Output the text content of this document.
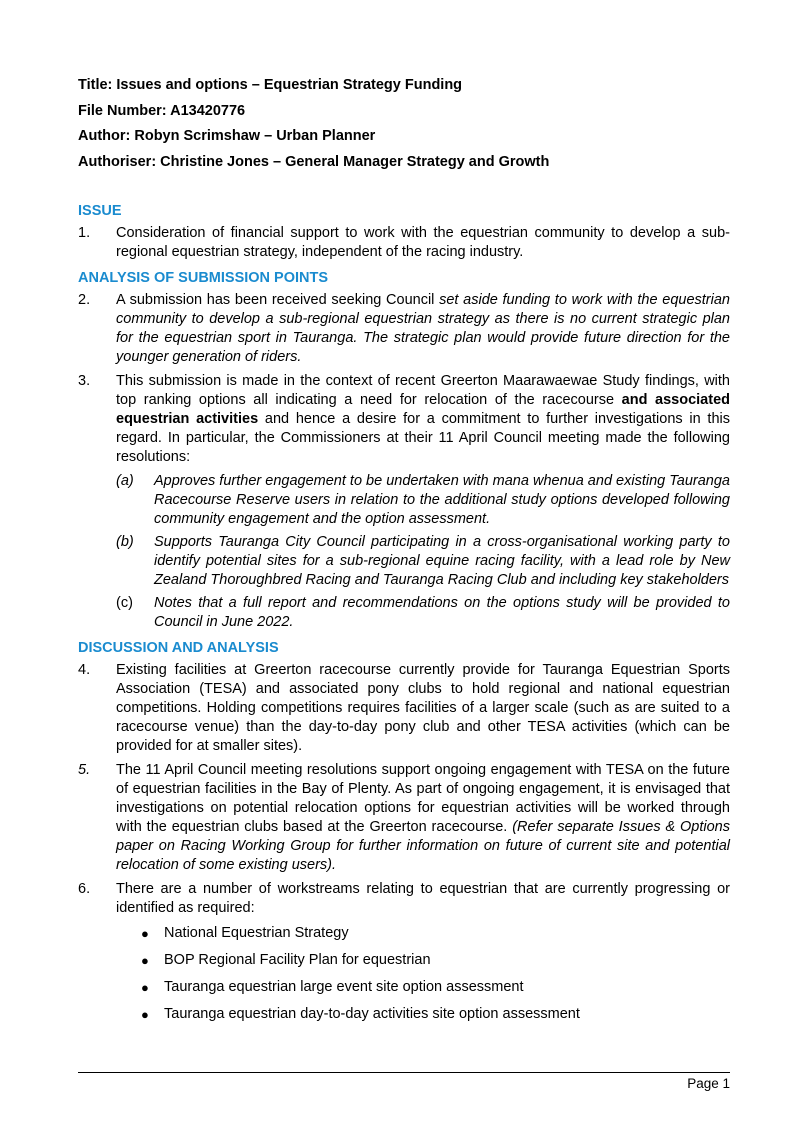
Title: Issues and options – Equestrian Strategy Funding
File Number: A13420776
Author: Robyn Scrimshaw – Urban Planner
Authoriser: Christine Jones – General Manager Strategy and Growth
ISSUE
1. Consideration of financial support to work with the equestrian community to develop a sub-regional equestrian strategy, independent of the racing industry.
ANALYSIS OF SUBMISSION POINTS
2. A submission has been received seeking Council set aside funding to work with the equestrian community to develop a sub-regional equestrian strategy as there is no current strategic plan for the equestrian sport in Tauranga. The strategic plan would provide future direction for the younger generation of riders.
3. This submission is made in the context of recent Greerton Maarawaewae Study findings, with top ranking options all indicating a need for relocation of the racecourse and associated equestrian activities and hence a desire for a commitment to further investigations in this regard. In particular, the Commissioners at their 11 April Council meeting made the following resolutions:
(a) Approves further engagement to be undertaken with mana whenua and existing Tauranga Racecourse Reserve users in relation to the additional study options developed following community engagement and the option assessment.
(b) Supports Tauranga City Council participating in a cross-organisational working party to identify potential sites for a sub-regional equine racing facility, with a lead role by New Zealand Thoroughbred Racing and Tauranga Racing Club and including key stakeholders
(c) Notes that a full report and recommendations on the options study will be provided to Council in June 2022.
DISCUSSION AND ANALYSIS
4. Existing facilities at Greerton racecourse currently provide for Tauranga Equestrian Sports Association (TESA) and associated pony clubs to hold regional and national equestrian competitions. Holding competitions requires facilities of a larger scale (such as are suited to a racecourse venue) than the day-to-day pony club and other TESA activities (which can be provided for at smaller sites).
5. The 11 April Council meeting resolutions support ongoing engagement with TESA on the future of equestrian facilities in the Bay of Plenty. As part of ongoing engagement, it is envisaged that investigations on potential relocation options for equestrian activities will be worked through with the equestrian clubs based at the Greerton racecourse. (Refer separate Issues & Options paper on Racing Working Group for further information on future of current site and potential relocation of some existing users).
6. There are a number of workstreams relating to equestrian that are currently progressing or identified as required:
● National Equestrian Strategy
● BOP Regional Facility Plan for equestrian
● Tauranga equestrian large event site option assessment
● Tauranga equestrian day-to-day activities site option assessment
Page 1
